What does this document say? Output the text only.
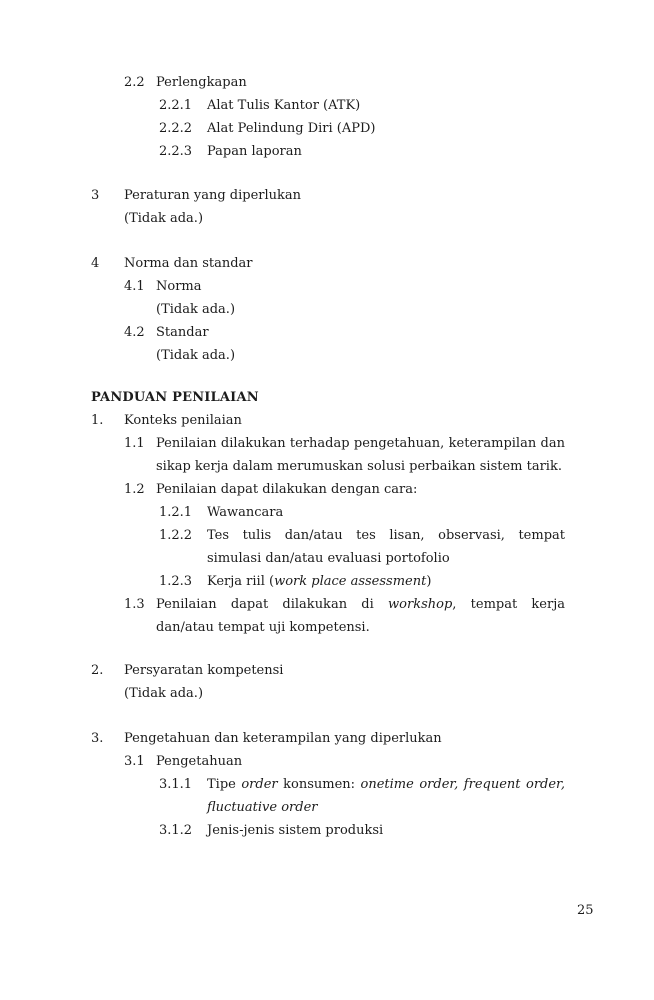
2.2 Perlengkapan
2.2.1	Alat Tulis Kantor (ATK)
2.2.2	Alat Pelindung Diri (APD)
2.2.3	Papan laporan
3	Peraturan yang diperlukan
(Tidak ada.)
4	Norma dan standar
4.1 Norma
(Tidak ada.)
4.2 Standar
(Tidak ada.)
PANDUAN PENILAIAN
1.	Konteks penilaian
1.1 Penilaian dilakukan terhadap pengetahuan, keterampilan dan sikap kerja dalam merumuskan solusi perbaikan sistem tarik.
1.2 Penilaian dapat dilakukan dengan cara:
1.2.1	Wawancara
1.2.2	Tes tulis dan/atau tes lisan, observasi, tempat simulasi dan/atau evaluasi portofolio
1.2.3	Kerja riil (work place assessment)
1.3 Penilaian dapat dilakukan di workshop, tempat kerja dan/atau tempat uji kompetensi.
2.	Persyaratan kompetensi
(Tidak ada.)
3.	Pengetahuan dan keterampilan yang diperlukan
3.1 Pengetahuan
3.1.1	Tipe order konsumen: onetime order, frequent order, fluctuative order
3.1.2	Jenis-jenis sistem produksi
25
